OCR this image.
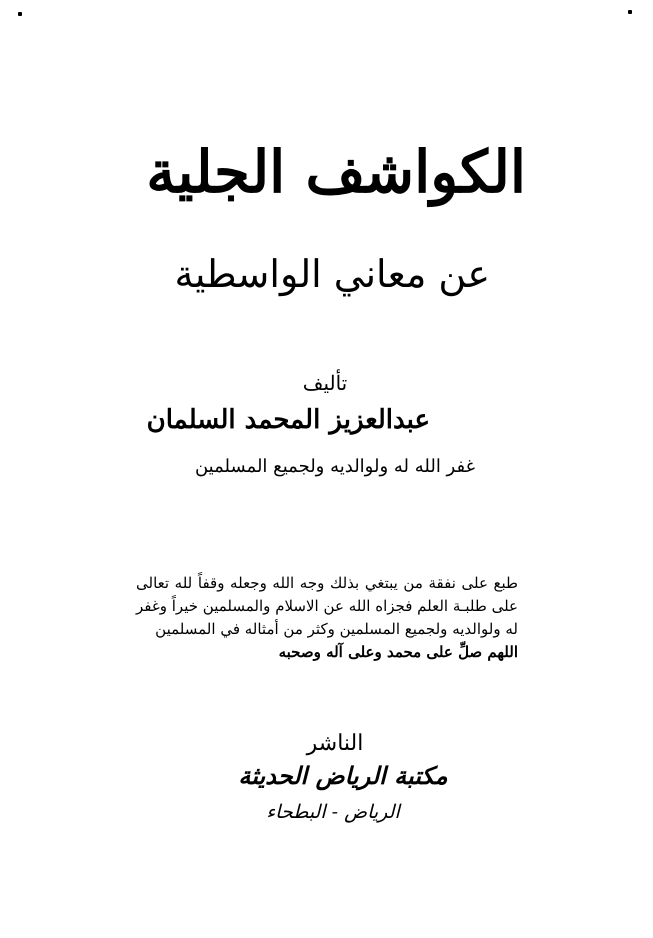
الكواشف الجلية
عن معاني الواسطية
تأليف
عبدالعزيز المحمد السلمان
غفر الله له ولوالديه ولجميع المسلمين
طبع على نفقة من يبتغي بذلك وجه الله وجعله وقفاً لله تعالى على طلبـة العلم فجزاه الله عن الاسلام والمسلمين خيراً وغفر له ولوالديه ولجميع المسلمين وكثر من أمثاله في المسلمين
اللهم صلِّ على محمد وعلى آله وصحبه
الناشر
مكتبة الرياض الحديثة
الرياض - البطحاء
